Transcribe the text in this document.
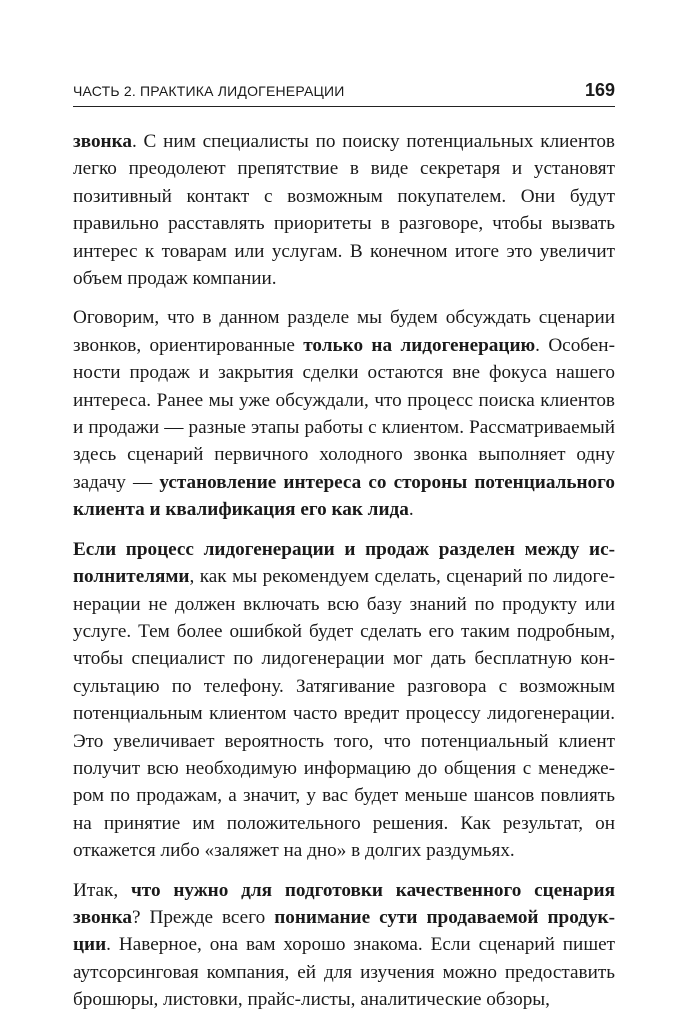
ЧАСТЬ 2. ПРАКТИКА ЛИДОГЕНЕРАЦИИ	169

звонка. С ним специалисты по поиску потенциальных клиентов легко преодолеют препятствие в виде секретаря и установят позитивный контакт с возможным покупателем. Они будут правильно расставлять приоритеты в разговоре, чтобы вызвать интерес к товарам или услугам. В конечном итоге это увеличит объем продаж компании.

Оговорим, что в данном разделе мы будем обсуждать сценарии звонков, ориентированные только на лидогенерацию. Особенности продаж и закрытия сделки остаются вне фокуса нашего интереса. Ранее мы уже обсуждали, что процесс поиска клиентов и продажи — разные этапы работы с клиентом. Рассматриваемый здесь сценарий первичного холодного звонка выполняет одну задачу — установление интереса со стороны потенциального клиента и квалификация его как лида.

Если процесс лидогенерации и продаж разделен между исполнителями, как мы рекомендуем сделать, сценарий по лидогенерации не должен включать всю базу знаний по продукту или услуге. Тем более ошибкой будет сделать его таким подробным, чтобы специалист по лидогенерации мог дать бесплатную консультацию по телефону. Затягивание разговора с возможным потенциальным клиентом часто вредит процессу лидогенерации. Это увеличивает вероятность того, что потенциальный клиент получит всю необходимую информацию до общения с менеджером по продажам, а значит, у вас будет меньше шансов повлиять на принятие им положительного решения. Как результат, он откажется либо «заляжет на дно» в долгих раздумьях.

Итак, что нужно для подготовки качественного сценария звонка? Прежде всего понимание сути продаваемой продукции. Наверное, она вам хорошо знакома. Если сценарий пишет аутсорсинговая компания, ей для изучения можно предоставить брошюры, листовки, прайс-листы, аналитические обзоры,
